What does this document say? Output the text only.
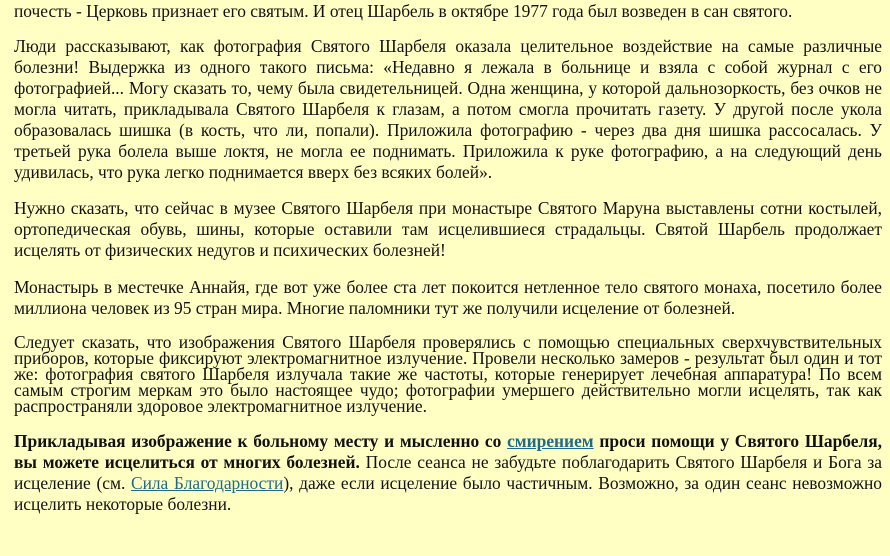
почесть - Церковь признает его святым. И отец Шарбель в октябре 1977 года был возведен в сан святого.

Люди рассказывают, как фотография Святого Шарбеля оказала целительное воздействие на самые различные болезни! Выдержка из одного такого письма: «Недавно я лежала в больнице и взяла с собой журнал с его фотографией... Могу сказать то, чему была свидетельницей. Одна женщина, у которой дальнозоркость, без очков не могла читать, прикладывала Святого Шарбеля к глазам, а потом смогла прочитать газету. У другой после укола образовалась шишка (в кость, что ли, попали). Приложила фотографию - через два дня шишка рассосалась. У третьей рука болела выше локтя, не могла ее поднимать. Приложила к руке фотографию, а на следующий день удивилась, что рука легко поднимается вверх без всяких болей».

Нужно сказать, что сейчас в музее Святого Шарбеля при монастыре Святого Маруна выставлены сотни костылей, ортопедическая обувь, шины, которые оставили там исцелившиеся страдальцы. Святой Шарбель продолжает исцелять от физических недугов и психических болезней!

Монастырь в местечке Аннайя, где вот уже более ста лет покоится нетленное тело святого монаха, посетило более миллиона человек из 95 стран мира. Многие паломники тут же получили исцеление от болезней.

Следует сказать, что изображения Святого Шарбеля проверялись с помощью специальных сверхчувствительных приборов, которые фиксируют электромагнитное излучение. Провели несколько замеров - результат был один и тот же: фотография святого Шарбеля излучала такие же частоты, которые генерирует лечебная аппаратура! По всем самым строгим меркам это было настоящее чудо; фотографии умершего действительно могли исцелять, так как распространяли здоровое электромагнитное излучение.

Прикладывая изображение к больному месту и мысленно со смирением проси помощи у Святого Шарбеля, вы можете исцелиться от многих болезней. После сеанса не забудьте поблагодарить Святого Шарбеля и Бога за исцеление (см. Сила Благодарности), даже если исцеление было частичным. Возможно, за один сеанс невозможно исцелить некоторые болезни.
